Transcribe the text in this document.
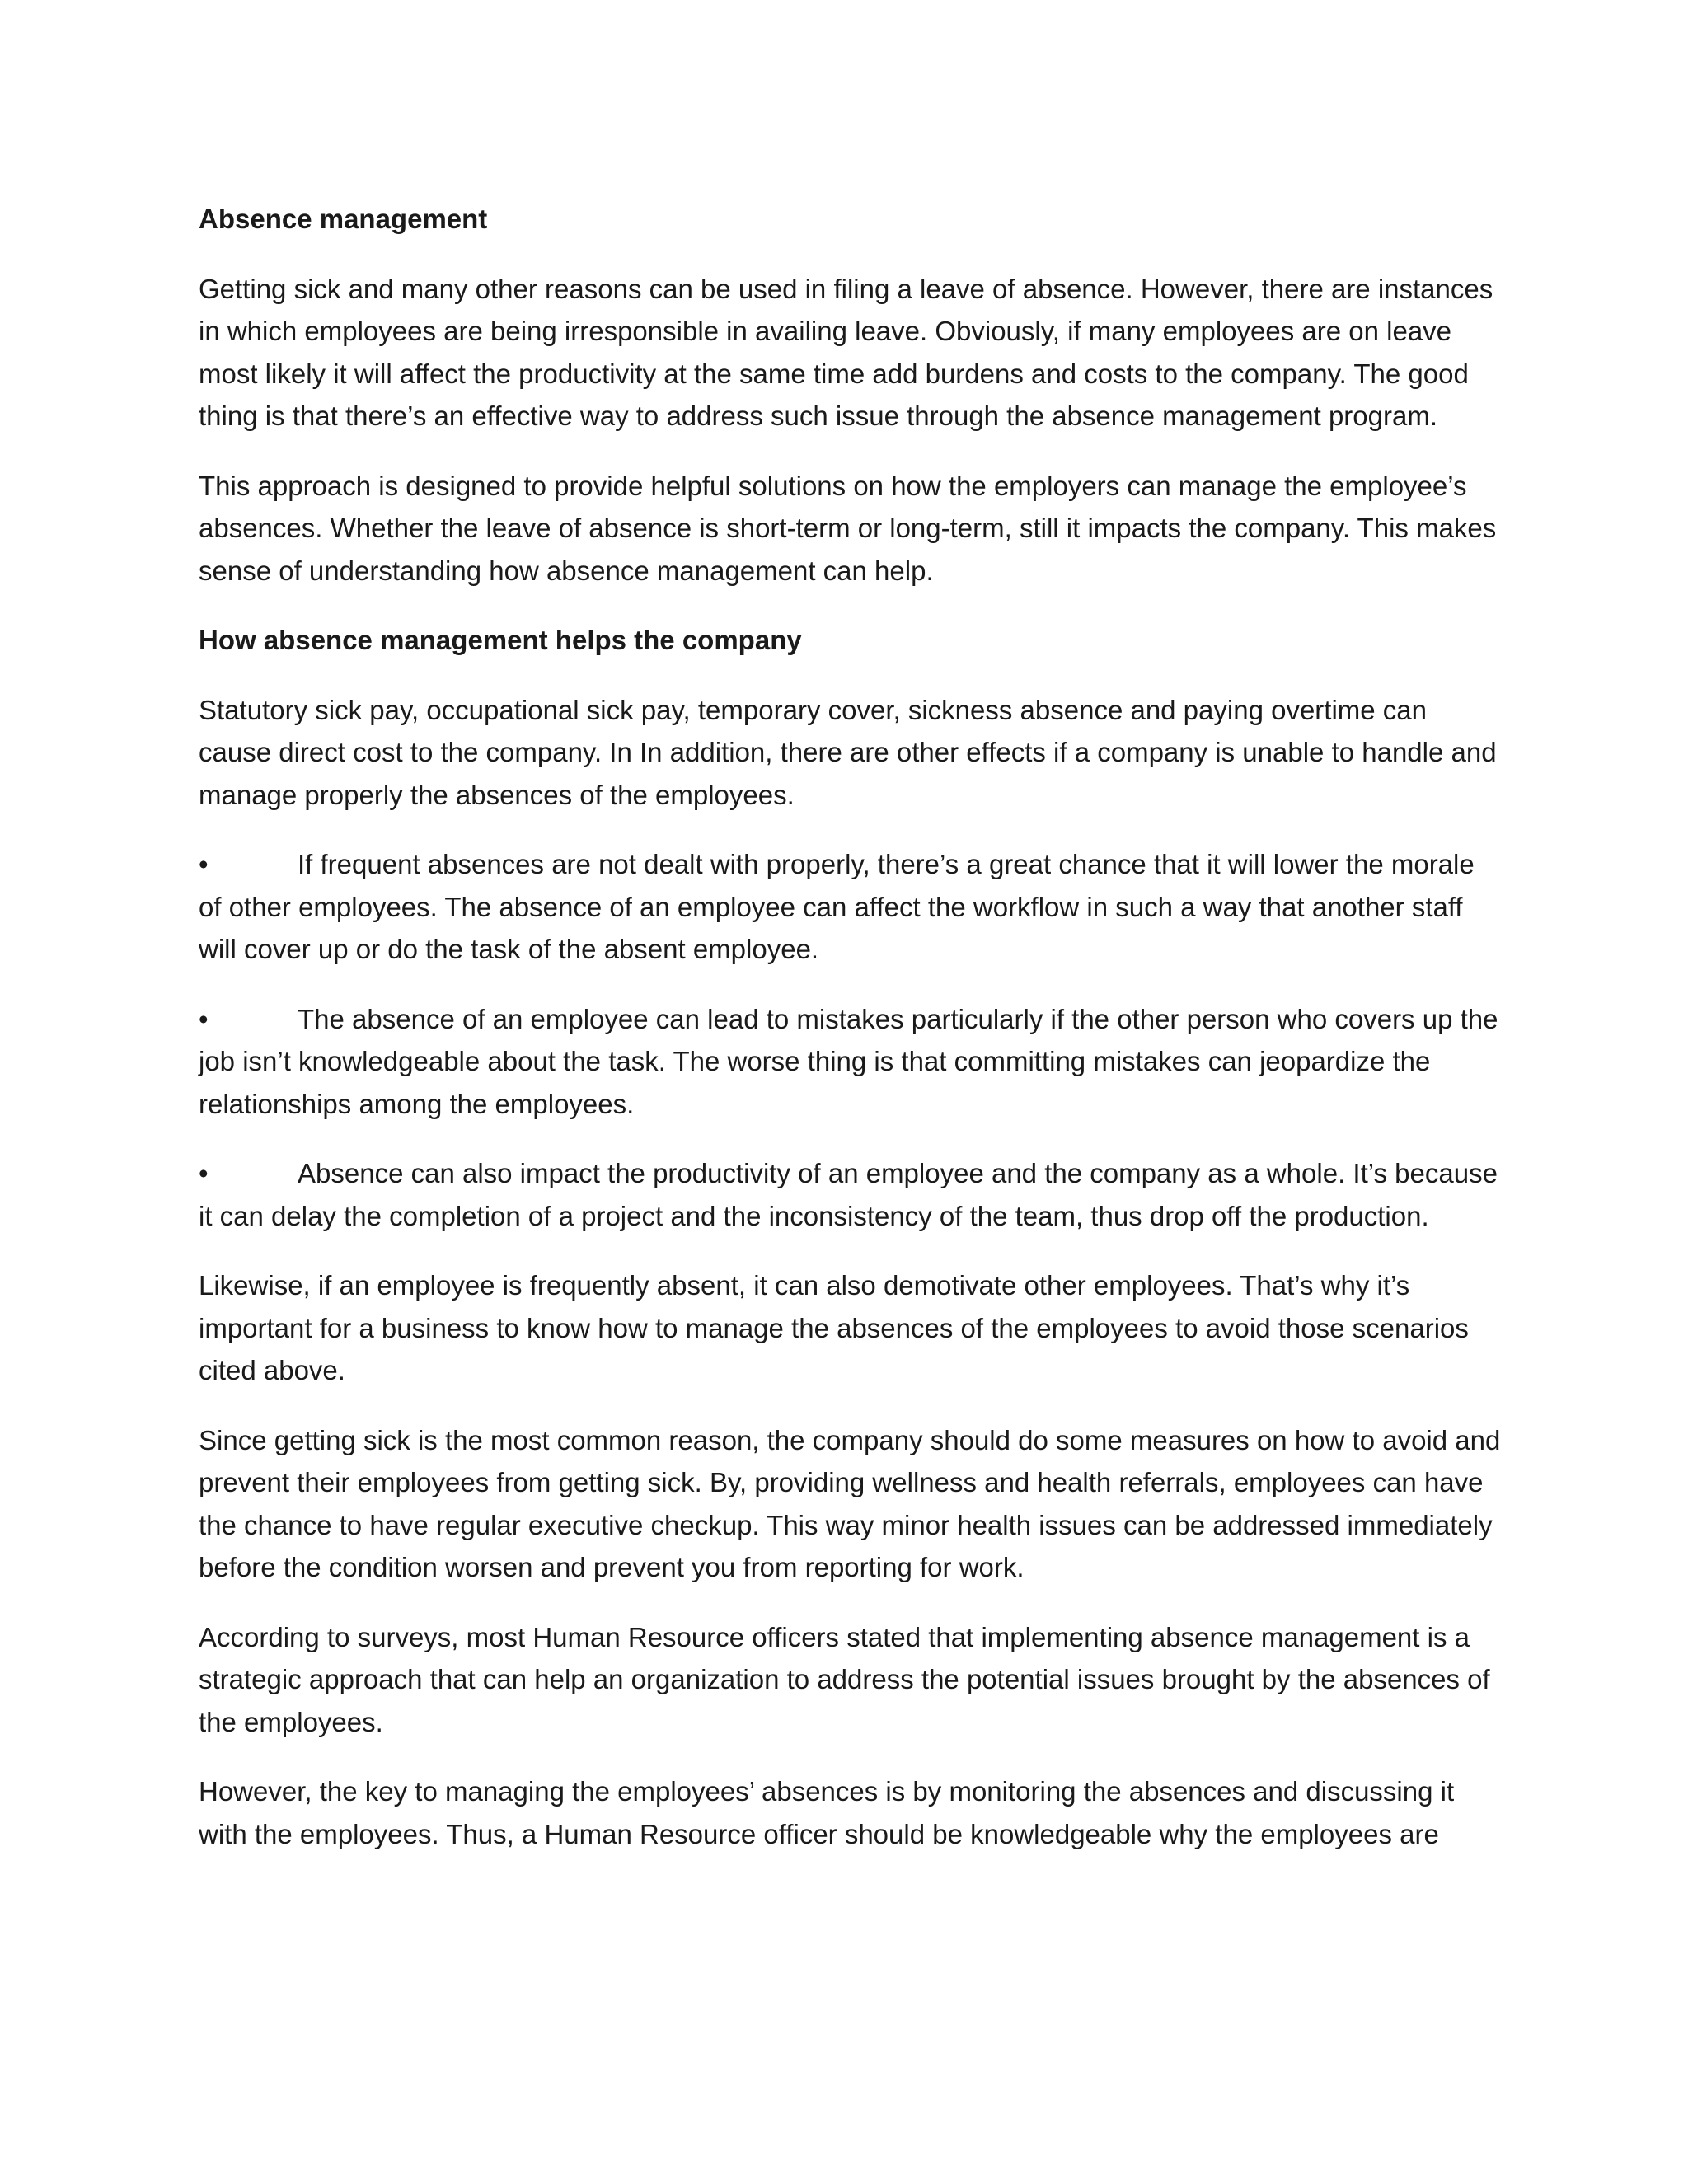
Absence management
Getting sick and many other reasons can be used in filing a leave of absence. However, there are instances in which employees are being irresponsible in availing leave. Obviously, if many employees are on leave most likely it will affect the productivity at the same time add burdens and costs to the company. The good thing is that there’s an effective way to address such issue through the absence management program.
This approach is designed to provide helpful solutions on how the employers can manage the employee’s absences. Whether the leave of absence is short-term or long-term, still it impacts the company. This makes sense of understanding how absence management can help.
How absence management helps the company
Statutory sick pay, occupational sick pay, temporary cover, sickness absence and paying overtime can cause direct cost to the company. In In addition, there are other effects if a company is unable to handle and manage properly the absences of the employees.
•	If frequent absences are not dealt with properly, there’s a great chance that it will lower the morale of other employees. The absence of an employee can affect the workflow in such a way that another staff will cover up or do the task of the absent employee.
•	The absence of an employee can lead to mistakes particularly if the other person who covers up the job isn’t knowledgeable about the task. The worse thing is that committing mistakes can jeopardize the relationships among the employees.
•	Absence can also impact the productivity of an employee and the company as a whole. It’s because it can delay the completion of a project and the inconsistency of the team, thus drop off the production.
Likewise, if an employee is frequently absent, it can also demotivate other employees. That’s why it’s important for a business to know how to manage the absences of the employees to avoid those scenarios cited above.
Since getting sick is the most common reason, the company should do some measures on how to avoid and prevent their employees from getting sick. By, providing wellness and health referrals, employees can have the chance to have regular executive checkup. This way minor health issues can be addressed immediately before the condition worsen and prevent you from reporting for work.
According to surveys, most Human Resource officers stated that implementing absence management is a strategic approach that can help an organization to address the potential issues brought by the absences of the employees.
However, the key to managing the employees’ absences is by monitoring the absences and discussing it with the employees. Thus, a Human Resource officer should be knowledgeable why the employees are
